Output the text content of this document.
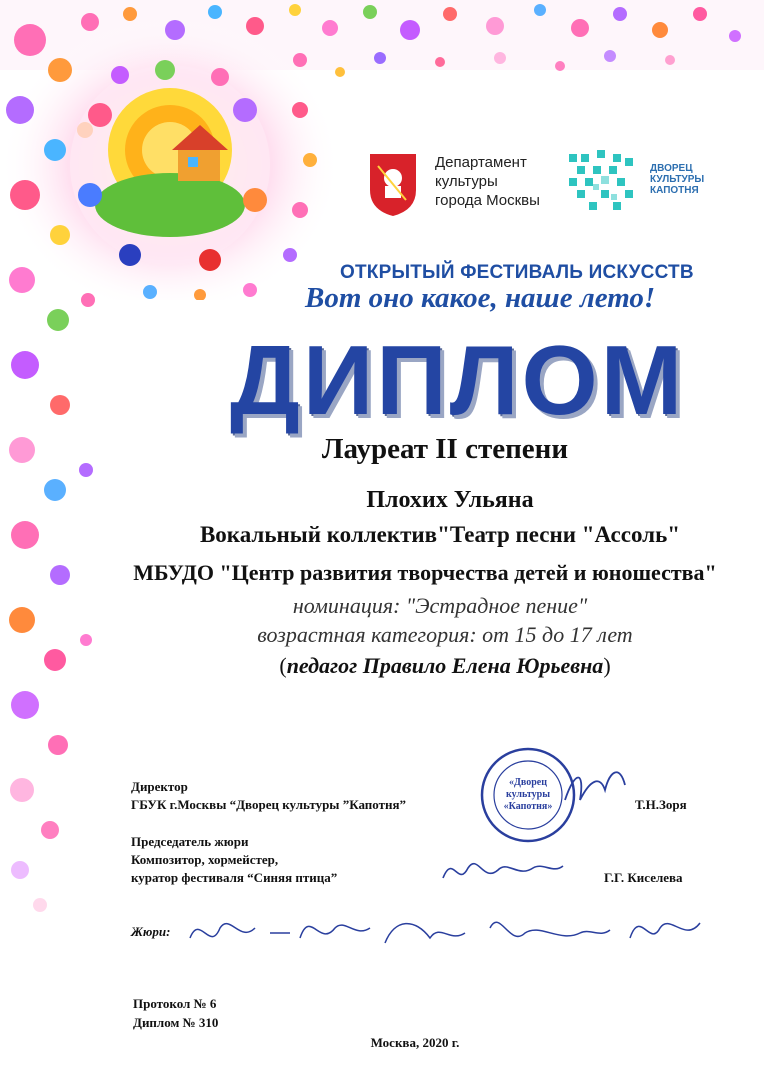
Департамент
культуры
города Москвы
ДВОРЕЦ
КУЛЬТУРЫ
КАПОТНЯ
ОТКРЫТЫЙ ФЕСТИВАЛЬ ИСКУССТВ
Вот оно какое, наше лето!
ДИПЛОМ
Лауреат II степени
Плохих Ульяна
Вокальный коллектив"Театр песни "Ассоль"
МБУДО "Центр развития творчества детей и юношества"
номинация: "Эстрадное пение"
возрастная категория: от 15 до 17 лет
(педагог Правило Елена Юрьевна)
Директор
ГБУК г.Москвы “Дворец культуры ”Капотня”	Т.Н.Зоря
«Дворец
культуры
«Капотня»
Председатель жюри
Композитор, хормейстер,
куратор фестиваля “Синяя птица”	Г.Г. Киселева
Жюри:
Протокол № 6
Диплом № 310
Москва, 2020 г.
